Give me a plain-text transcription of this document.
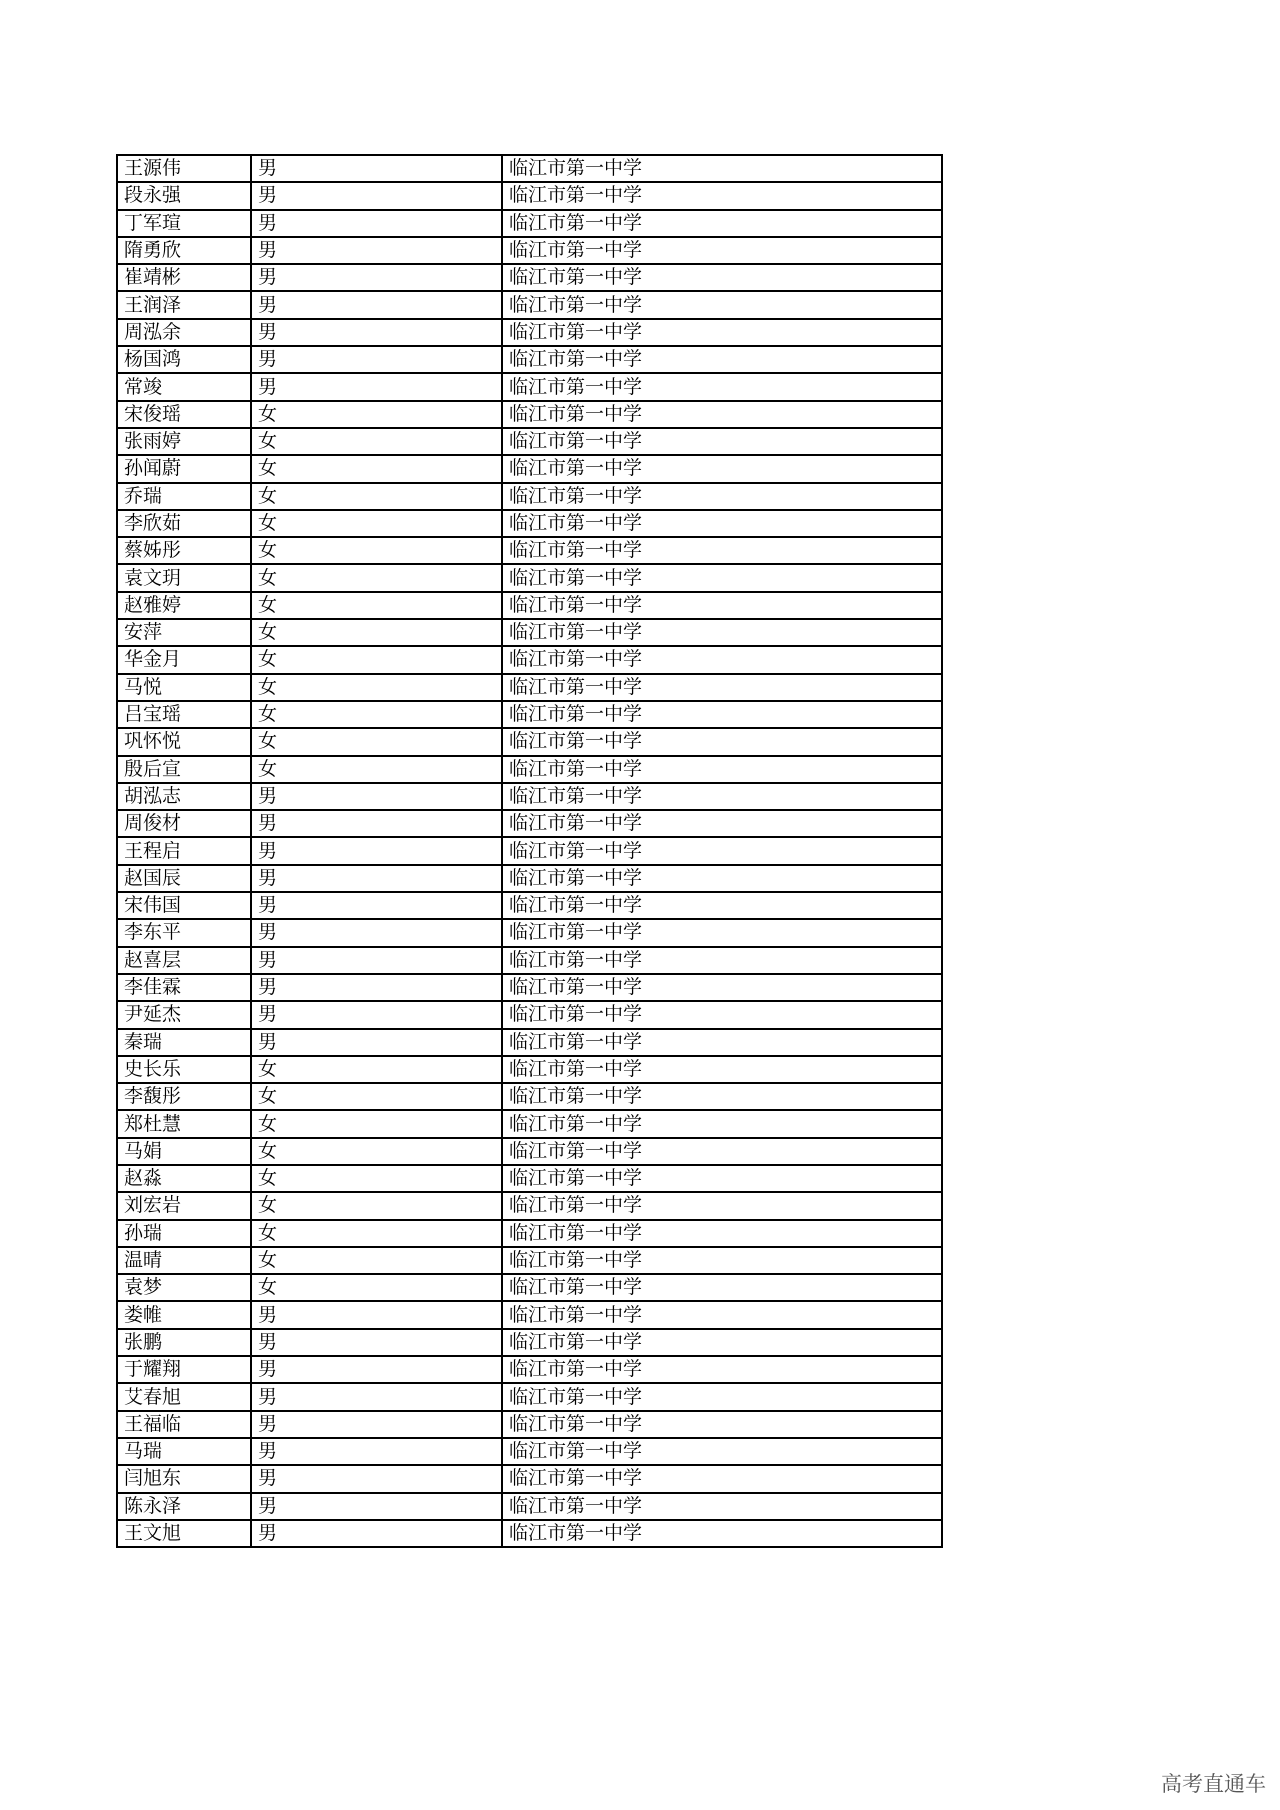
王源伟	男	临江市第一中学
段永强	男	临江市第一中学
丁军瑄	男	临江市第一中学
隋勇欣	男	临江市第一中学
崔靖彬	男	临江市第一中学
王润泽	男	临江市第一中学
周泓余	男	临江市第一中学
杨国鸿	男	临江市第一中学
常竣	男	临江市第一中学
宋俊瑶	女	临江市第一中学
张雨婷	女	临江市第一中学
孙闻蔚	女	临江市第一中学
乔瑞	女	临江市第一中学
李欣茹	女	临江市第一中学
蔡姊彤	女	临江市第一中学
袁文玥	女	临江市第一中学
赵雅婷	女	临江市第一中学
安萍	女	临江市第一中学
华金月	女	临江市第一中学
马悦	女	临江市第一中学
吕宝瑶	女	临江市第一中学
巩怀悦	女	临江市第一中学
殷后宣	女	临江市第一中学
胡泓志	男	临江市第一中学
周俊材	男	临江市第一中学
王程启	男	临江市第一中学
赵国辰	男	临江市第一中学
宋伟国	男	临江市第一中学
李东平	男	临江市第一中学
赵喜层	男	临江市第一中学
李佳霖	男	临江市第一中学
尹延杰	男	临江市第一中学
秦瑞	男	临江市第一中学
史长乐	女	临江市第一中学
李馥彤	女	临江市第一中学
郑杜慧	女	临江市第一中学
马娟	女	临江市第一中学
赵淼	女	临江市第一中学
刘宏岩	女	临江市第一中学
孙瑞	女	临江市第一中学
温晴	女	临江市第一中学
袁梦	女	临江市第一中学
娄帷	男	临江市第一中学
张鹏	男	临江市第一中学
于耀翔	男	临江市第一中学
艾春旭	男	临江市第一中学
王福临	男	临江市第一中学
马瑞	男	临江市第一中学
闫旭东	男	临江市第一中学
陈永泽	男	临江市第一中学
王文旭	男	临江市第一中学
高考直通车
